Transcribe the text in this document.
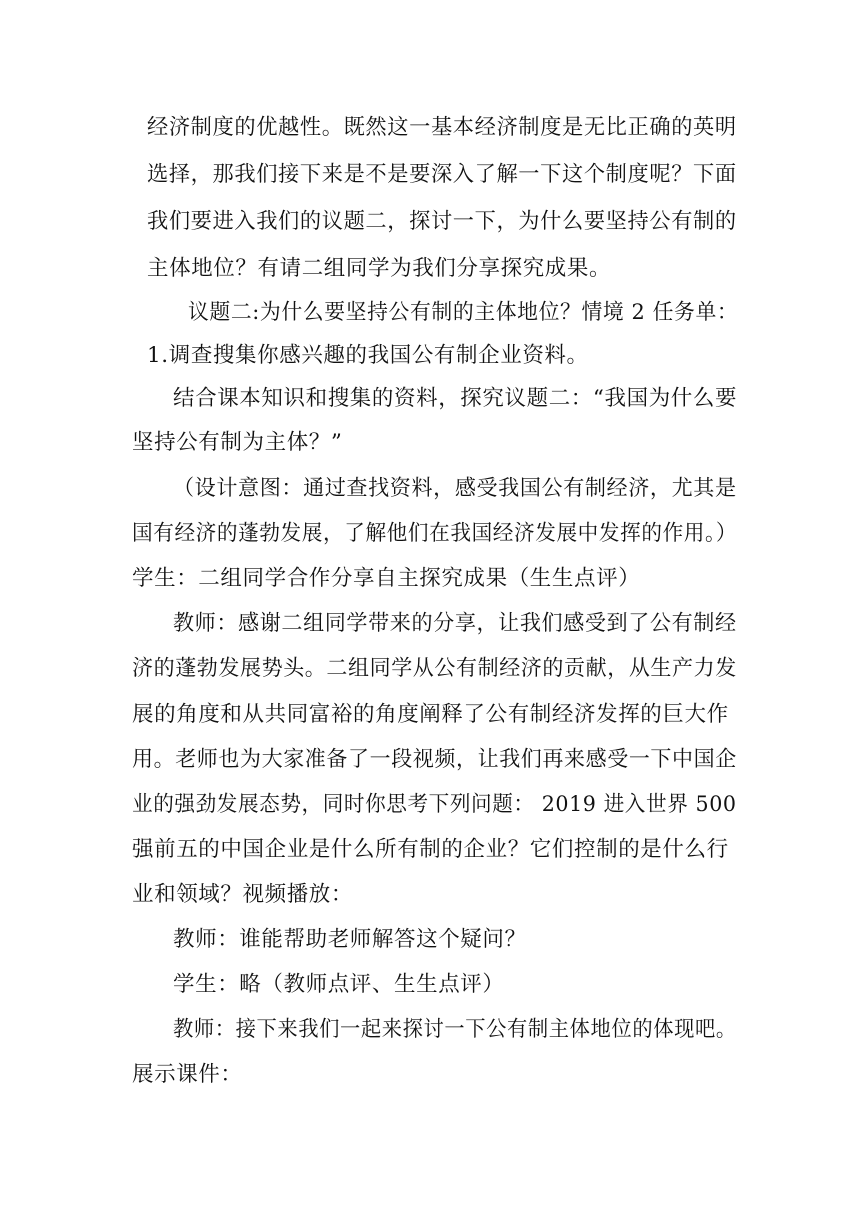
经济制度的优越性。既然这一基本经济制度是无比正确的英明
选择，那我们接下来是不是要深入了解一下这个制度呢？下面
我们要进入我们的议题二，探讨一下，为什么要坚持公有制的
主体地位？有请二组同学为我们分享探究成果。
议题二:为什么要坚持公有制的主体地位？情境 2 任务单：
1.调查搜集你感兴趣的我国公有制企业资料。
结合课本知识和搜集的资料，探究议题二：“我国为什么要
坚持公有制为主体？”
（设计意图：通过查找资料，感受我国公有制经济，尤其是
国有经济的蓬勃发展，了解他们在我国经济发展中发挥的作用。）
学生：二组同学合作分享自主探究成果（生生点评）
教师：感谢二组同学带来的分享，让我们感受到了公有制经
济的蓬勃发展势头。二组同学从公有制经济的贡献，从生产力发
展的角度和从共同富裕的角度阐释了公有制经济发挥的巨大作
用。老师也为大家准备了一段视频，让我们再来感受一下中国企
业的强劲发展态势，同时你思考下列问题： 2019 进入世界 500
强前五的中国企业是什么所有制的企业？它们控制的是什么行
业和领域？视频播放：
教师：谁能帮助老师解答这个疑问？
学生：略（教师点评、生生点评）
教师：接下来我们一起来探讨一下公有制主体地位的体现吧。
展示课件：
